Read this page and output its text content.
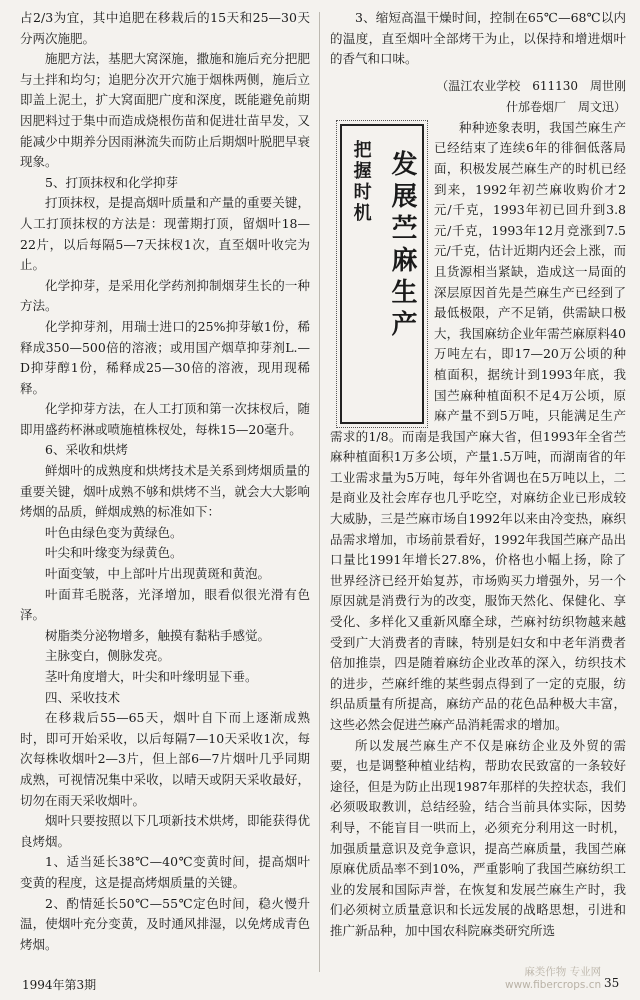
占2/3为宜，其中追肥在移栽后的15天和25—30天分两次施肥。

施肥方法，基肥大窝深施，撒施和施后充分把肥与土拌和均匀；追肥分次开穴施于烟株两侧，施后立即盖上泥土，扩大窝面肥广度和深度，既能避免前期因肥料过于集中而造成烧根伤苗和促进壮苗早发，又能减少中期养分因雨淋流失而防止后期烟叶脱肥早衰现象。

5、打顶抹杈和化学抑芽

打顶抹杈，是提高烟叶质量和产量的重要关键，人工打顶抹杈的方法是：现蕾期打顶，留烟叶18—22片，以后每隔5—7天抹杈1次，直至烟叶收完为止。

化学抑芽，是采用化学药剂抑制烟芽生长的一种方法。

化学抑芽剂，用瑞士进口的25%抑芽敏1份，稀释成350—500倍的溶液；或用国产烟草抑芽剂L.—D抑芽醇1份，稀释成25—30倍的溶液，现用现稀释。

化学抑芽方法，在人工打顶和第一次抹杈后，随即用盛药杯淋或喷施植株杈处，每株15—20毫升。

6、采收和烘烤

鲜烟叶的成熟度和烘烤技术是关系到烤烟质量的重要关键，烟叶成熟不够和烘烤不当，就会大大影响烤烟的品质，鲜烟成熟的标准如下：

叶色由绿色变为黄绿色。

叶尖和叶缘变为绿黄色。

叶面变皱，中上部叶片出现黄斑和黄泡。

叶面茸毛脱落，光泽增加，眼看似很光滑有色泽。

树脂类分泌物增多，触摸有黏粘手感觉。

主脉变白，侧脉发亮。

茎叶角度增大，叶尖和叶缘明显下垂。

四、采收技术

在移栽后55—65天，烟叶自下而上逐渐成熟时，即可开始采收，以后每隔7—10天采收1次，每次每株收烟叶2—3片，但上部6—7片烟叶几乎同期成熟，可视情况集中采收，以晴天或阴天采收最好，切勿在雨天采收烟叶。

烟叶只要按照以下几项新技术烘烤，即能获得优良烤烟。

1、适当延长38℃—40℃变黄时间，提高烟叶变黄的程度，这是提高烤烟质量的关键。

2、酌情延长50℃—55℃定色时间，稳火慢升温，使烟叶充分变黄，及时通风排湿，以免烤成青色烤烟。

3、缩短高温干燥时间，控制在65℃—68℃以内的温度，直至烟叶全部烤干为止，以保持和增进烟叶的香气和口味。

（温江农业学校　611130　周世刚
什邡卷烟厂　周文迅）
发展苎麻生产
把握时机

种种迹象表明，我国苎麻生产已经结束了连续6年的徘徊低落局面，积极发展苎麻生产的时机已经到来，1992年初苎麻收购价才2元/千克，1993年初已回升到3.8元/千克，1993年12月竞涨到7.5元/千克，估计近期内还会上涨，而且货源相当紧缺，造成这一局面的深层原因首先是苎麻生产已经到了最低极限，产不足销，供需缺口极大，我国麻纺企业年需苎麻原料40万吨左右，即17—20万公顷的种植面积，据统计到1993年底，我国苎麻种植面积不足4万公顷，原麻产量不到5万吨，只能满足生产需求的1/8。而南是我国产麻大省，但1993年全省苎麻种植面积1万多公顷，产量1.5万吨，而湖南省的年工业需求量为5万吨，每年外省调也在5万吨以上，二是商业及社会库存也几乎吃空，对麻纺企业已形成较大威胁，三是苎麻市场自1992年以来由冷变热，麻织品需求增加，市场前景看好，1992年我国苎麻产品出口量比1991年增长27.8%，价格也小幅上扬，除了世界经济已经开始复苏，市场购买力增强外，另一个原因就是消费行为的改变，服饰天然化、保健化、享受化、多样化又重新风靡全球，苎麻衬纺织物越来越受到广大消费者的青睐，特别是妇女和中老年消费者倍加推崇，四是随着麻纺企业改革的深入，纺织技术的进步，苎麻纤维的某些弱点得到了一定的克服，纺织品质量有所提高，麻纺产品的花色品种极大丰富，这些必然会促进苎麻产品消耗需求的增加。

所以发展苎麻生产不仅是麻纺企业及外贸的需要，也是调整种植业结构，帮助农民致富的一条较好途径，但是为防止出现1987年那样的失控状态，我们必须吸取教训，总结经验，结合当前具体实际，因势利导，不能盲目一哄而上，必须充分利用这一时机，加强质量意识及竞争意识，提高苎麻质量，我国苎麻原麻优质品率不到10%，严重影响了我国苎麻纺织工业的发展和国际声誉，在恢复和发展苎麻生产时，我们必须树立质量意识和长远发展的战略思想，引进和推广新品种，加中国农科院麻类研究所选

1994年第3期	35
麻类作物 专业网
www.fibercrops.cn
